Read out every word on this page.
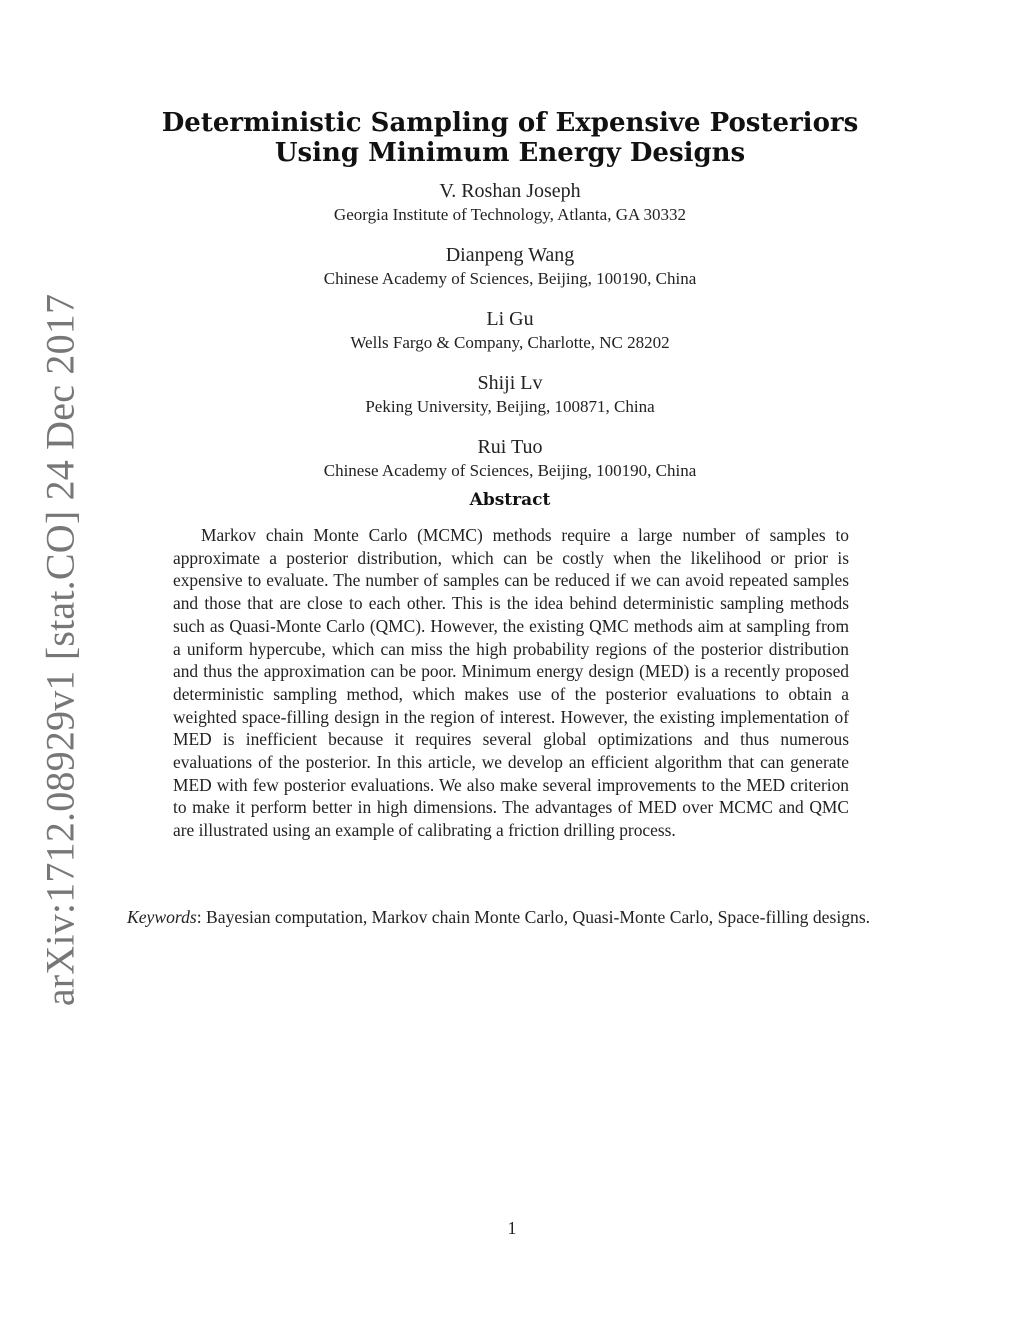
arXiv:1712.08929v1 [stat.CO] 24 Dec 2017
Deterministic Sampling of Expensive Posteriors
Using Minimum Energy Designs
V. Roshan Joseph
Georgia Institute of Technology, Atlanta, GA 30332
Dianpeng Wang
Chinese Academy of Sciences, Beijing, 100190, China
Li Gu
Wells Fargo & Company, Charlotte, NC 28202
Shiji Lv
Peking University, Beijing, 100871, China
Rui Tuo
Chinese Academy of Sciences, Beijing, 100190, China
Abstract

Markov chain Monte Carlo (MCMC) methods require a large number of samples to approximate a posterior distribution, which can be costly when the likelihood or prior is expensive to evaluate. The number of samples can be reduced if we can avoid repeated samples and those that are close to each other. This is the idea behind deterministic sampling methods such as Quasi-Monte Carlo (QMC). However, the existing QMC methods aim at sampling from a uniform hypercube, which can miss the high probability regions of the posterior distribution and thus the approximation can be poor. Minimum energy design (MED) is a recently proposed deterministic sampling method, which makes use of the posterior evaluations to obtain a weighted space-filling design in the region of interest. However, the existing implementation of MED is inefficient because it requires several global optimizations and thus numerous evaluations of the posterior. In this article, we develop an efficient algorithm that can generate MED with few posterior evaluations. We also make several improvements to the MED criterion to make it perform better in high dimensions. The advantages of MED over MCMC and QMC are illustrated using an example of calibrating a friction drilling process.

Keywords: Bayesian computation, Markov chain Monte Carlo, Quasi-Monte Carlo, Space-filling designs.

1
